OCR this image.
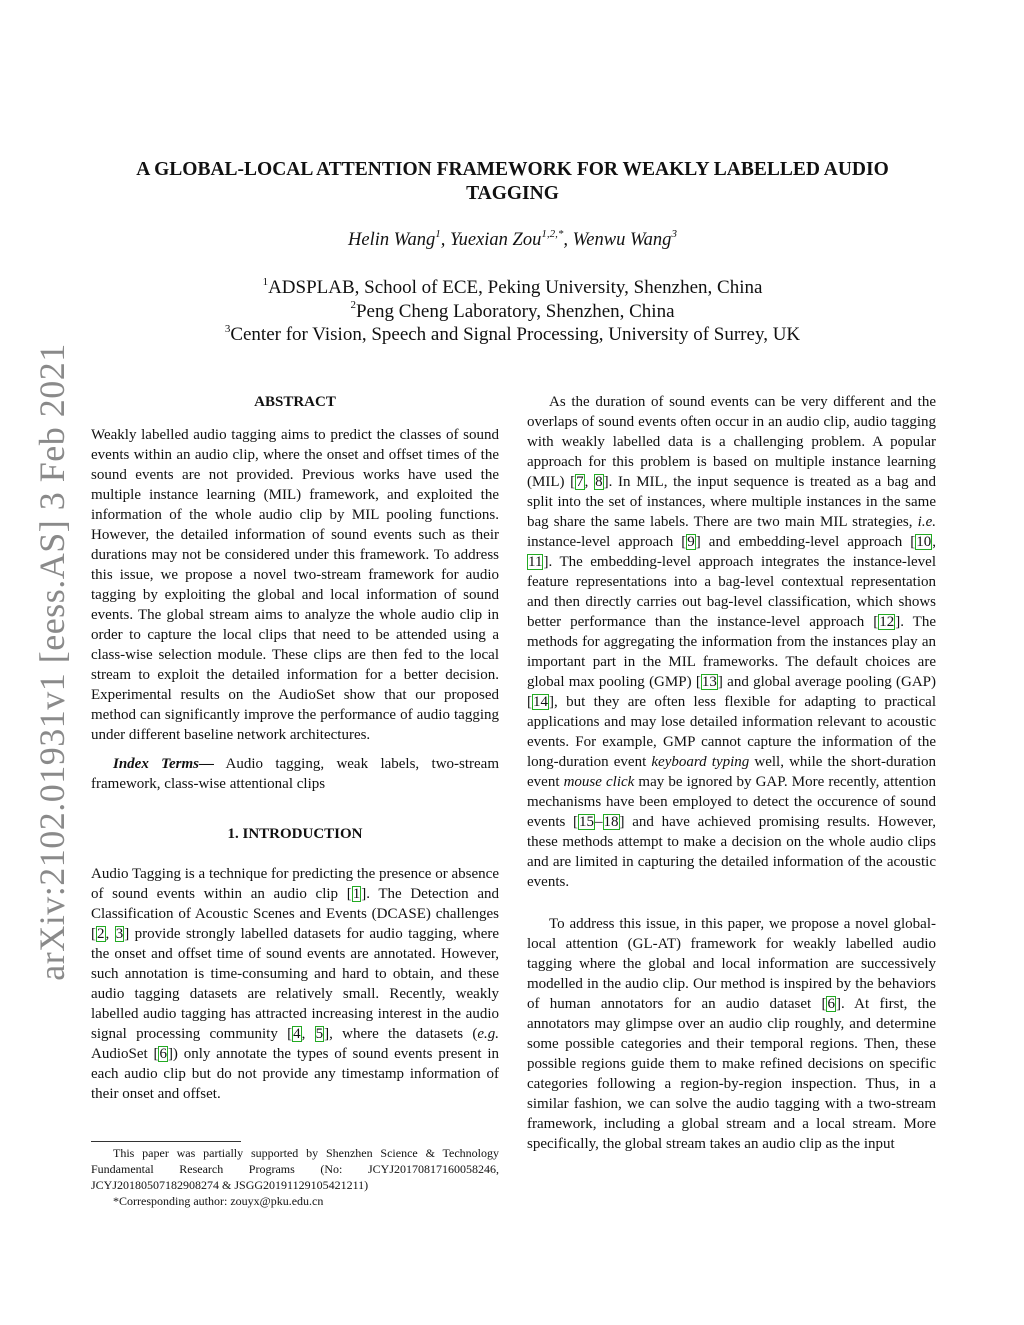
arXiv:2102.01931v1 [eess.AS] 3 Feb 2021
A GLOBAL-LOCAL ATTENTION FRAMEWORK FOR WEAKLY LABELLED AUDIO
TAGGING
Helin Wang$^1$, Yuexian Zou$^{1,2,*}$, Wenwu Wang$^3$
$^1$ADSPLAB, School of ECE, Peking University, Shenzhen, China
$^2$Peng Cheng Laboratory, Shenzhen, China
$^3$Center for Vision, Speech and Signal Processing, University of Surrey, UK
ABSTRACT

Weakly labelled audio tagging aims to predict the classes of sound events within an audio clip, where the onset and offset times of the sound events are not provided. Previous works have used the multiple instance learning (MIL) framework, and exploited the information of the whole audio clip by MIL pooling functions. However, the detailed information of sound events such as their durations may not be considered under this framework. To address this issue, we propose a novel two-stream framework for audio tagging by exploiting the global and local information of sound events. The global stream aims to analyze the whole audio clip in order to capture the local clips that need to be attended using a class-wise selection module. These clips are then fed to the local stream to exploit the detailed information for a better decision. Experimental results on the AudioSet show that our proposed method can significantly improve the performance of audio tagging under different baseline network architectures.

Index Terms— Audio tagging, weak labels, two-stream framework, class-wise attentional clips

1. INTRODUCTION

Audio Tagging is a technique for predicting the presence or absence of sound events within an audio clip [1]. The Detection and Classification of Acoustic Scenes and Events (DCASE) challenges [2, 3] provide strongly labelled datasets for audio tagging, where the onset and offset time of sound events are annotated. However, such annotation is time-consuming and hard to obtain, and these audio tagging datasets are relatively small. Recently, weakly labelled audio tagging has attracted increasing interest in the audio signal processing community [4, 5], where the datasets (e.g. AudioSet [6]) only annotate the types of sound events present in each audio clip but do not provide any timestamp information of their onset and offset.

This paper was partially supported by Shenzhen Science & Technology Fundamental Research Programs (No: JCYJ20170817160058246, JCYJ20180507182908274 & JSGG20191129105421211)

*Corresponding author: zouyx@pku.edu.cn

As the duration of sound events can be very different and the overlaps of sound events often occur in an audio clip, audio tagging with weakly labelled data is a challenging problem. A popular approach for this problem is based on multiple instance learning (MIL) [7, 8]. In MIL, the input sequence is treated as a bag and split into the set of instances, where multiple instances in the same bag share the same labels. There are two main MIL strategies, i.e. instance-level approach [9] and embedding-level approach [10, 11]. The embedding-level approach integrates the instance-level feature representations into a bag-level contextual representation and then directly carries out bag-level classification, which shows better performance than the instance-level approach [12]. The methods for aggregating the information from the instances play an important part in the MIL frameworks. The default choices are global max pooling (GMP) [13] and global average pooling (GAP) [14], but they are often less flexible for adapting to practical applications and may lose detailed information relevant to acoustic events. For example, GMP cannot capture the information of the long-duration event keyboard typing well, while the short-duration event mouse click may be ignored by GAP. More recently, attention mechanisms have been employed to detect the occurence of sound events [15–18] and have achieved promising results. However, these methods attempt to make a decision on the whole audio clips and are limited in capturing the detailed information of the acoustic events.

To address this issue, in this paper, we propose a novel global-local attention (GL-AT) framework for weakly labelled audio tagging where the global and local information are successively modelled in the audio clip. Our method is inspired by the behaviors of human annotators for an audio dataset [6]. At first, the annotators may glimpse over an audio clip roughly, and determine some possible categories and their temporal regions. Then, these possible regions guide them to make refined decisions on specific categories following a region-by-region inspection. Thus, in a similar fashion, we can solve the audio tagging with a two-stream framework, including a global stream and a local stream. More specifically, the global stream takes an audio clip as the input
